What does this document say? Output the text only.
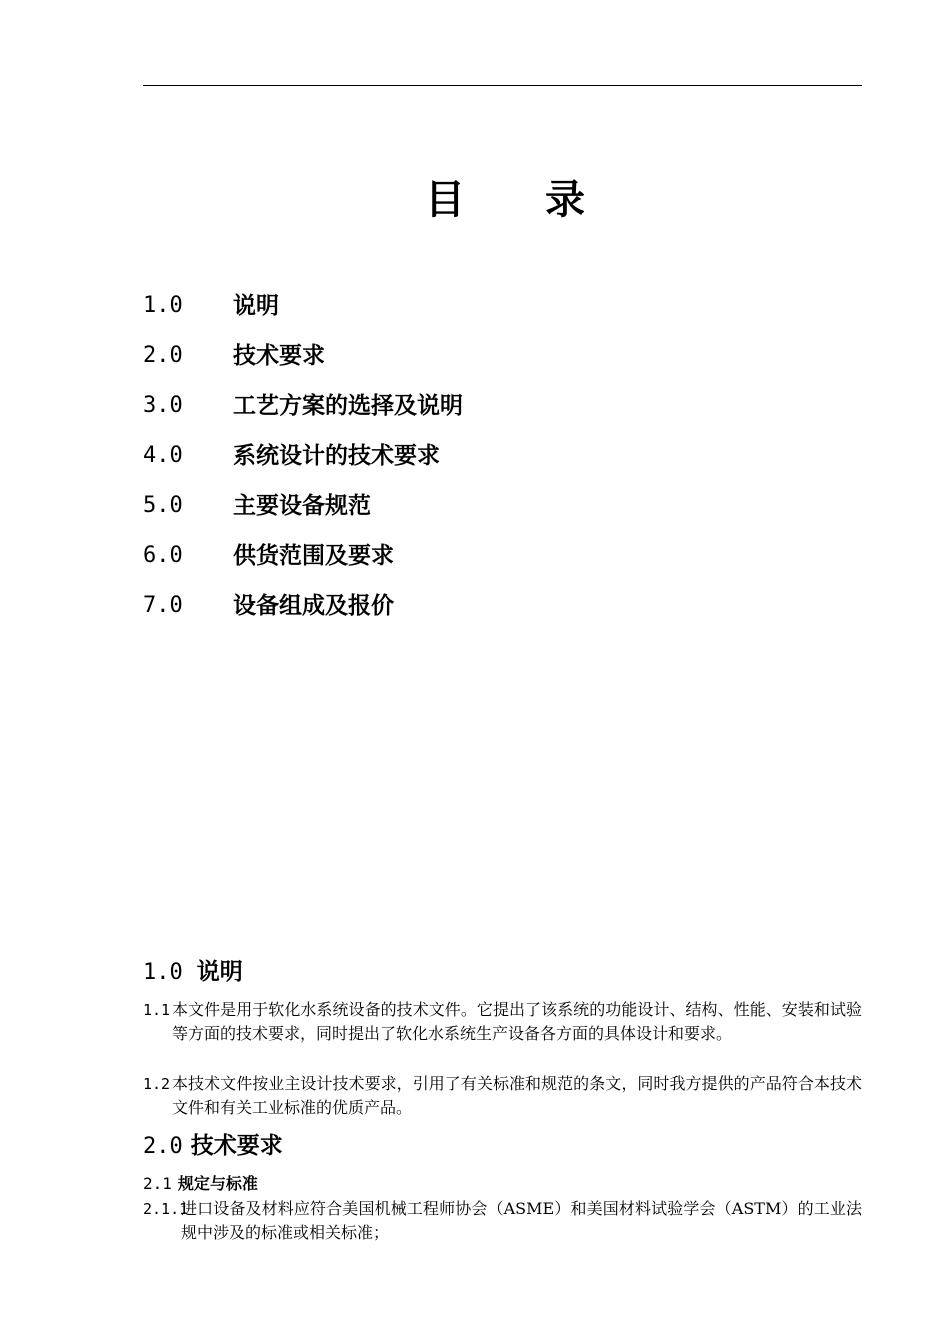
目 录
1.0	说明
2.0	技术要求
3.0	工艺方案的选择及说明
4.0	系统设计的技术要求
5.0	主要设备规范
6.0	供货范围及要求
7.0	设备组成及报价
1.0 说明
1.1 本文件是用于软化水系统设备的技术文件。它提出了该系统的功能设计、结构、性能、安装和试验等方面的技术要求，同时提出了软化水系统生产设备各方面的具体设计和要求。
1.2 本技术文件按业主设计技术要求，引用了有关标准和规范的条文，同时我方提供的产品符合本技术文件和有关工业标准的优质产品。
2.0 技术要求
2.1 规定与标准
2.1.1
进口设备及材料应符合美国机械工程师协会（ASME）和美国材料试验学会（ASTM）的工业法规中涉及的标准或相关标准；
